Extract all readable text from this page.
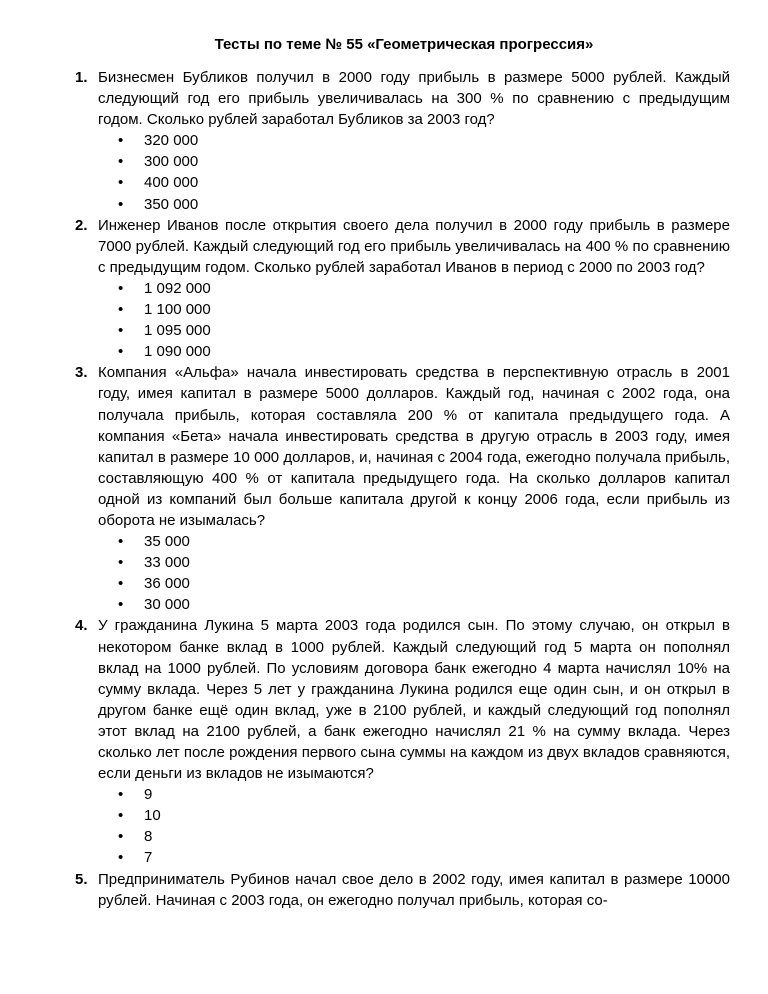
Тесты по теме № 55 «Геометрическая прогрессия»
1. Бизнесмен Бубликов получил в 2000 году прибыль в размере 5000 рублей. Каждый следующий год его прибыль увеличивалась на 300 % по сравнению с предыдущим годом. Сколько рублей заработал Бубликов за 2003 год?
• 320 000
• 300 000
• 400 000
• 350 000
2. Инженер Иванов после открытия своего дела получил в 2000 году прибыль в размере 7000 рублей. Каждый следующий год его прибыль увеличивалась на 400 % по сравнению с предыдущим годом. Сколько рублей заработал Иванов в период с 2000 по 2003 год?
• 1 092 000
• 1 100 000
• 1 095 000
• 1 090 000
3. Компания «Альфа» начала инвестировать средства в перспективную отрасль в 2001 году, имея капитал в размере 5000 долларов. Каждый год, начиная с 2002 года, она получала прибыль, которая составляла 200 % от капитала предыдущего года. А компания «Бета» начала инвестировать средства в другую отрасль в 2003 году, имея капитал в размере 10 000 долларов, и, начиная с 2004 года, ежегодно получала прибыль, составляющую 400 % от капитала предыдущего года. На сколько долларов капитал одной из компаний был больше капитала другой к концу 2006 года, если прибыль из оборота не изымалась?
• 35 000
• 33 000
• 36 000
• 30 000
4. У гражданина Лукина 5 марта 2003 года родился сын. По этому случаю, он открыл в некотором банке вклад в 1000 рублей. Каждый следующий год 5 марта он пополнял вклад на 1000 рублей. По условиям договора банк ежегодно 4 марта начислял 10% на сумму вклада. Через 5 лет у гражданина Лукина родился еще один сын, и он открыл в другом банке ещё один вклад, уже в 2100 рублей, и каждый следующий год пополнял этот вклад на 2100 рублей, а банк ежегодно начислял 21 % на сумму вклада. Через сколько лет после рождения первого сына суммы на каждом из двух вкладов сравняются, если деньги из вкладов не изымаются?
• 9
• 10
• 8
• 7
5. Предприниматель Рубинов начал свое дело в 2002 году, имея капитал в размере 10000 рублей. Начиная с 2003 года, он ежегодно получал прибыль, которая со-
